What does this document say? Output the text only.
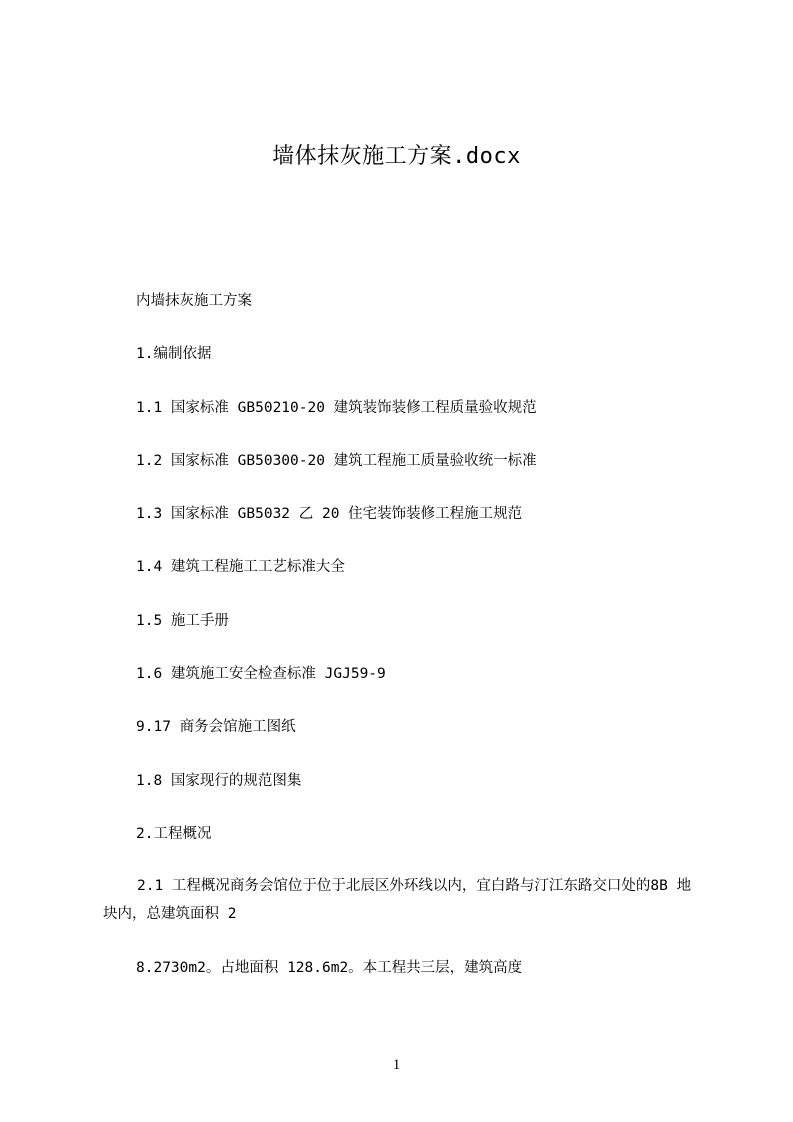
墙体抹灰施工方案.docx
内墙抹灰施工方案
1.编制依据
1.1 国家标准 GB50210-20 建筑装饰装修工程质量验收规范
1.2 国家标准 GB50300-20 建筑工程施工质量验收统一标准
1.3 国家标准 GB5032 乙 20 住宅装饰装修工程施工规范
1.4 建筑工程施工工艺标准大全
1.5 施工手册
1.6 建筑施工安全检查标准 JGJ59-9
9.17 商务会馆施工图纸
1.8 国家现行的规范图集
2.工程概况
2.1 工程概况商务会馆位于位于北辰区外环线以内，宜白路与汀江东路交口处的8B 地块内，总建筑面积 2
8.2730m2。占地面积 128.6m2。本工程共三层，建筑高度
1
